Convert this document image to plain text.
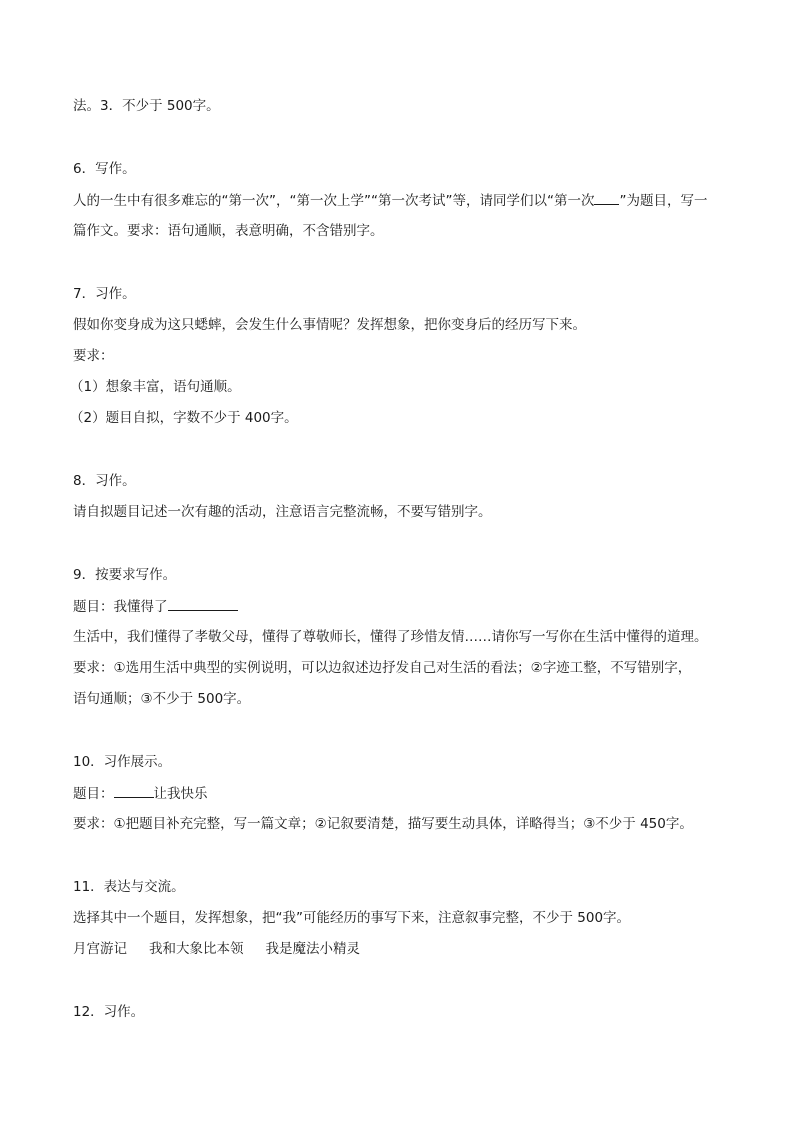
法。3．不少于 500字。
6．写作。
人的一生中有很多难忘的“第一次”，“第一次上学”“第一次考试”等，请同学们以“第一次 ”为题目，写一
篇作文。要求：语句通顺，表意明确，不含错别字。
7．习作。
假如你变身成为这只蟋蟀，会发生什么事情呢？发挥想象，把你变身后的经历写下来。
要求：
（1）想象丰富，语句通顺。
（2）题目自拟，字数不少于 400字。
8．习作。
请自拟题目记述一次有趣的活动，注意语言完整流畅，不要写错别字。
9．按要求写作。
题目：我懂得了
生活中，我们懂得了孝敬父母，懂得了尊敬师长，懂得了珍惜友情……请你写一写你在生活中懂得的道理。
要求：①选用生活中典型的实例说明，可以边叙述边抒发自己对生活的看法；②字迹工整，不写错别字，
语句通顺；③不少于 500字。
10．习作展示。
题目：	让我快乐
要求：①把题目补充完整，写一篇文章；②记叙要清楚，描写要生动具体，详略得当；③不少于 450字。
11．表达与交流。
选择其中一个题目，发挥想象，把“我”可能经历的事写下来，注意叙事完整，不少于 500字。
月宫游记 我和大象比本领 我是魔法小精灵
12．习作。
